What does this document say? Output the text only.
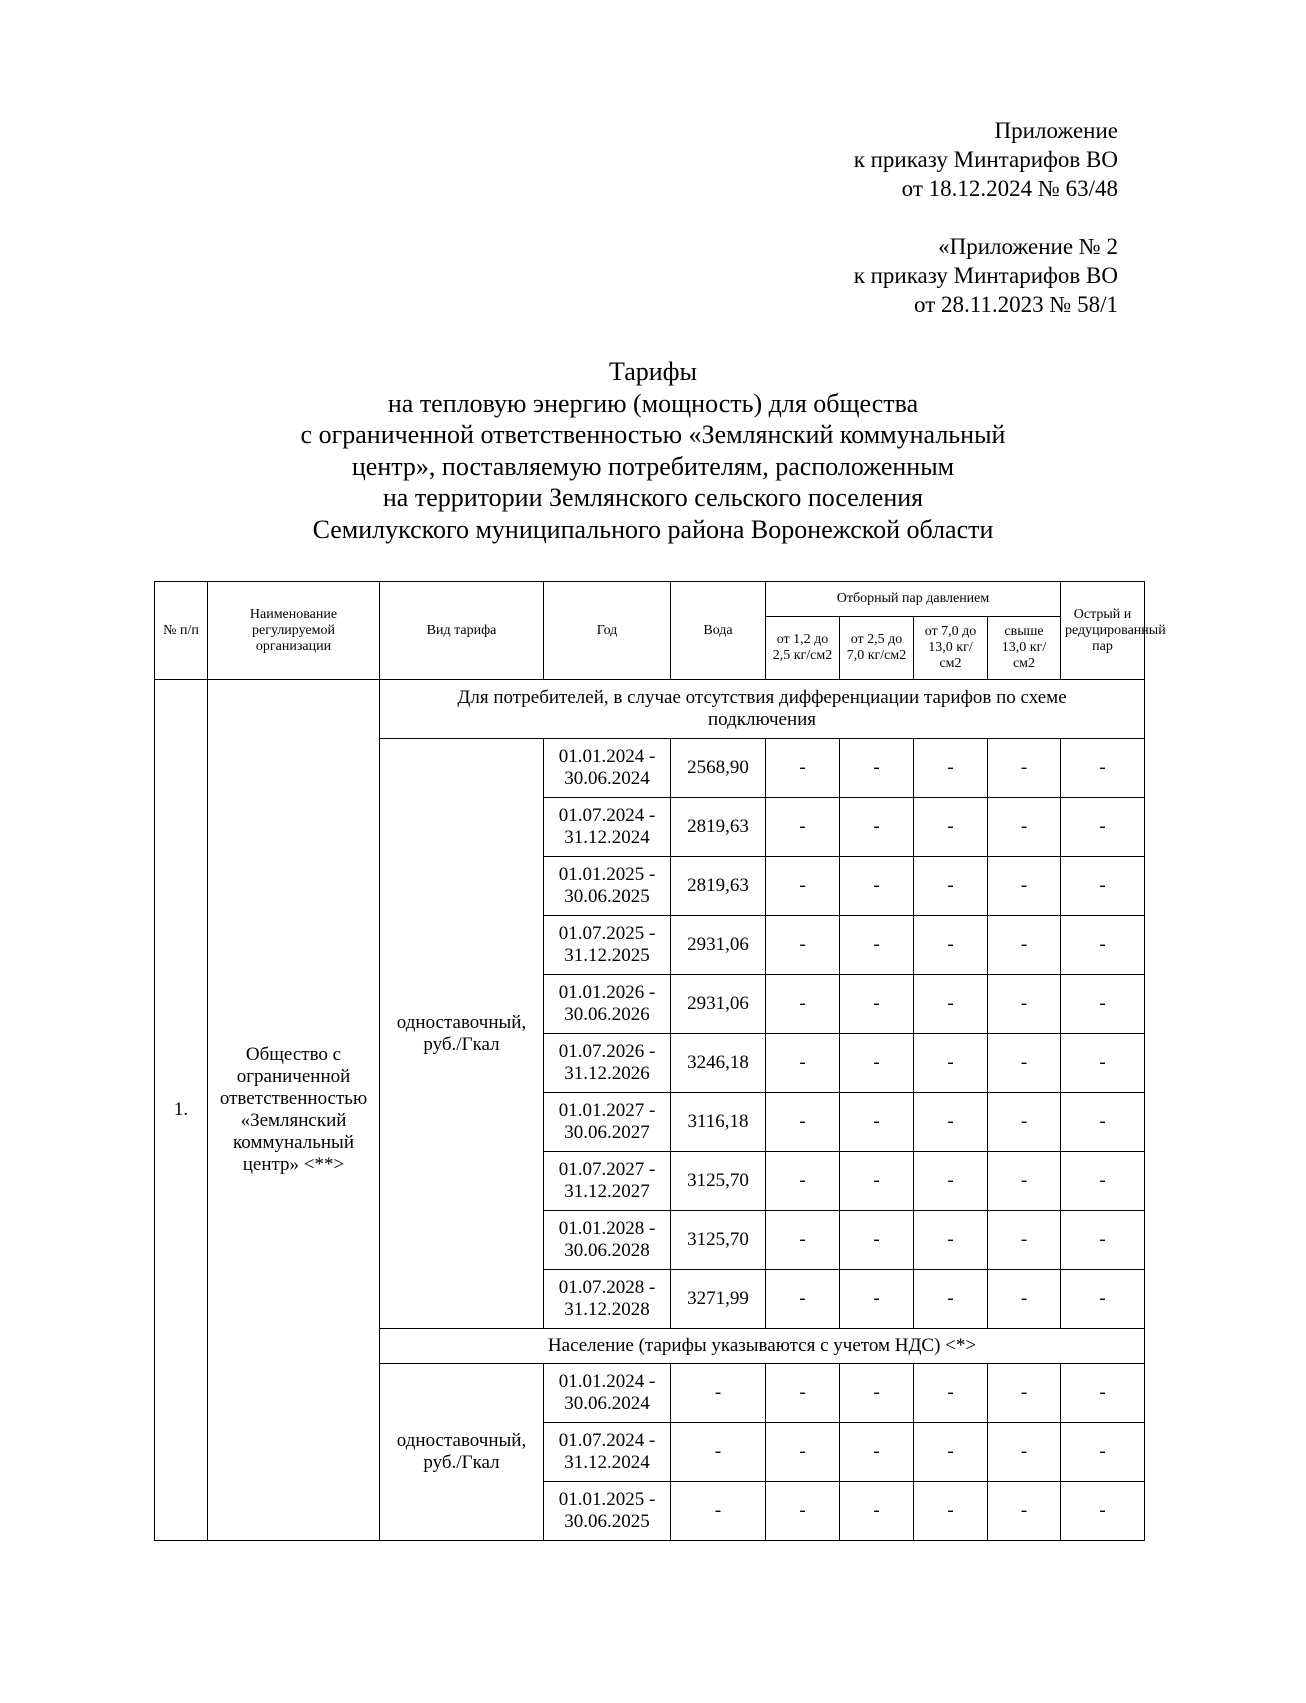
Приложение
к приказу Минтарифов ВО
от 18.12.2024 № 63/48
«Приложение № 2
к приказу Минтарифов ВО
от 28.11.2023 № 58/1
Тарифы
на тепловую энергию (мощность) для общества
с ограниченной ответственностью «Землянский коммунальный
центр», поставляемую потребителям, расположенным
на территории Землянского сельского поселения
Семилукского муниципального района Воронежской области
№ п/п	Наименование регулируемой организации	Вид тарифа	Год	Вода	Отборный пар давлением				Острый и редуцированный пар
					от 1,2 до 2,5 кг/см2	от 2,5 до 7,0 кг/см2	от 7,0 до 13,0 кг/см2	свыше 13,0 кг/см2	
1.	Общество с ограниченной ответственностью «Землянский коммунальный центр» <**>	Для потребителей, в случае отсутствия дифференциации тарифов по схеме подключения							
		одноставочный, руб./Гкал	01.01.2024 - 30.06.2024	2568,90	-	-	-	-	-
			01.07.2024 - 31.12.2024	2819,63	-	-	-	-	-
			01.01.2025 - 30.06.2025	2819,63	-	-	-	-	-
			01.07.2025 - 31.12.2025	2931,06	-	-	-	-	-
			01.01.2026 - 30.06.2026	2931,06	-	-	-	-	-
			01.07.2026 - 31.12.2026	3246,18	-	-	-	-	-
			01.01.2027 - 30.06.2027	3116,18	-	-	-	-	-
			01.07.2027 - 31.12.2027	3125,70	-	-	-	-	-
			01.01.2028 - 30.06.2028	3125,70	-	-	-	-	-
			01.07.2028 - 31.12.2028	3271,99	-	-	-	-	-
		Население (тарифы указываются с учетом НДС) <*>							
		одноставочный, руб./Гкал	01.01.2024 - 30.06.2024	-	-	-	-	-	-
			01.07.2024 - 31.12.2024	-	-	-	-	-	-
			01.01.2025 - 30.06.2025	-	-	-	-	-	-
